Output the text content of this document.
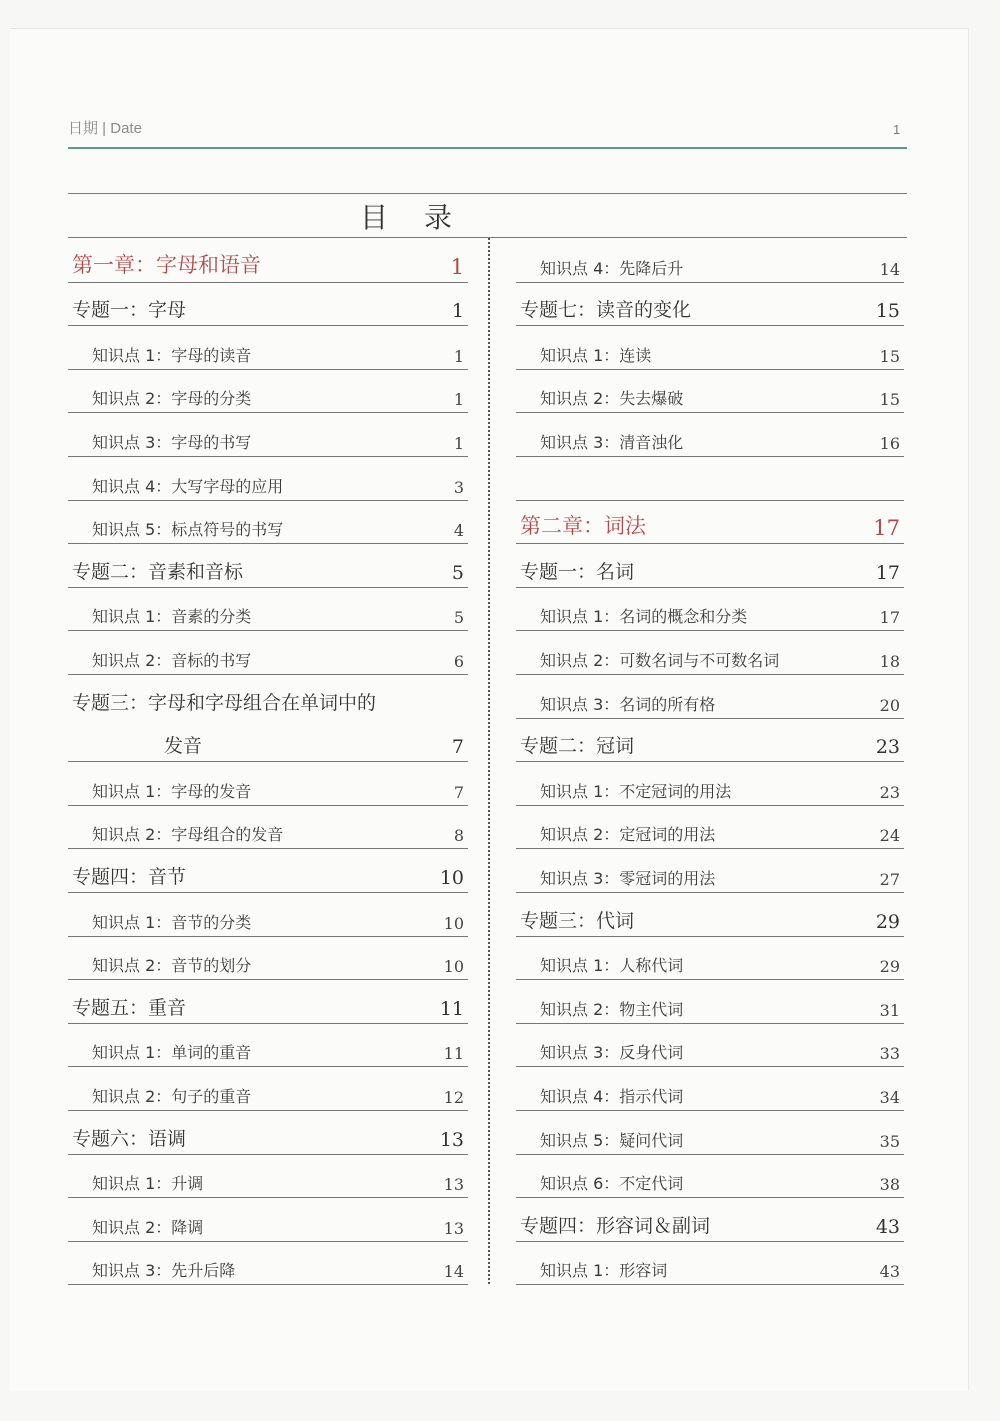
日期 | Date	1
目录
第一章：字母和语音	1
专题一：字母	1
知识点 1：字母的读音	1
知识点 2：字母的分类	1
知识点 3：字母的书写	1
知识点 4：大写字母的应用	3
知识点 5：标点符号的书写	4
专题二：音素和音标	5
知识点 1：音素的分类	5
知识点 2：音标的书写	6
专题三：字母和字母组合在单词中的
发音	7
知识点 1：字母的发音	7
知识点 2：字母组合的发音	8
专题四：音节	10
知识点 1：音节的分类	10
知识点 2：音节的划分	10
专题五：重音	11
知识点 1：单词的重音	11
知识点 2：句子的重音	12
专题六：语调	13
知识点 1：升调	13
知识点 2：降调	13
知识点 3：先升后降	14
知识点 4：先降后升	14
专题七：读音的变化	15
知识点 1：连读	15
知识点 2：失去爆破	15
知识点 3：清音浊化	16
第二章：词法	17
专题一：名词	17
知识点 1：名词的概念和分类	17
知识点 2：可数名词与不可数名词	18
知识点 3：名词的所有格	20
专题二：冠词	23
知识点 1：不定冠词的用法	23
知识点 2：定冠词的用法	24
知识点 3：零冠词的用法	27
专题三：代词	29
知识点 1：人称代词	29
知识点 2：物主代词	31
知识点 3：反身代词	33
知识点 4：指示代词	34
知识点 5：疑问代词	35
知识点 6：不定代词	38
专题四：形容词＆副词	43
知识点 1：形容词	43
